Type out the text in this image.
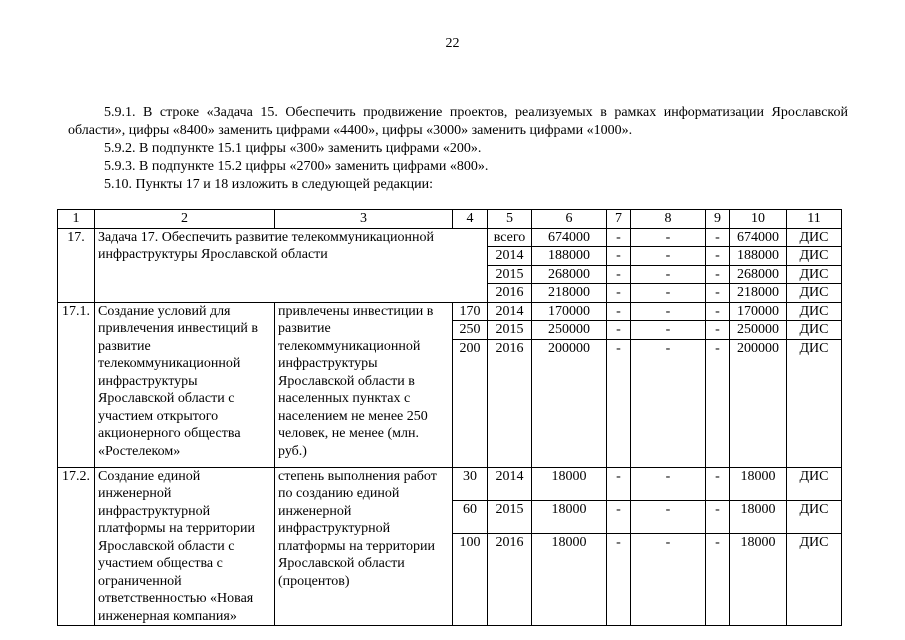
22
5.9.1. В строке «Задача 15. Обеспечить продвижение проектов, реализуемых в рамках информатизации Ярославской области», цифры «8400» заменить цифрами «4400», цифры «3000» заменить цифрами «1000».
5.9.2. В подпункте 15.1 цифры «300» заменить цифрами «200».
5.9.3. В подпункте 15.2 цифры «2700» заменить цифрами «800».
5.10. Пункты 17 и 18 изложить в следующей редакции:
1	2	3	4	5	6	7	8	9	10	11
17.	Задача 17. Обеспечить развитие телекоммуникационной инфраструктуры Ярославской области			всего	674000	-	-	-	674000	ДИС
				2014	188000	-	-	-	188000	ДИС
				2015	268000	-	-	-	268000	ДИС
				2016	218000	-	-	-	218000	ДИС
17.1.	Создание условий для привлечения инвестиций в развитие телекоммуникационной инфраструктуры Ярославской области с участием открытого акционерного общества «Ростелеком»	привлечены инвестиции в развитие телекоммуникационной инфраструктуры Ярославской области в населенных пунктах с населением не менее 250 человек, не менее (млн. руб.)	170	2014	170000	-	-	-	170000	ДИС
			250	2015	250000	-	-	-	250000	ДИС
			200	2016	200000	-	-	-	200000	ДИС
17.2.	Создание единой инженерной инфраструктурной платформы на территории Ярославской области с участием общества с ограниченной ответственностью «Новая инженерная компания»	степень выполнения работ по созданию единой инженерной инфраструктурной платформы на территории Ярославской области (процентов)	30	2014	18000	-	-	-	18000	ДИС
			60	2015	18000	-	-	-	18000	ДИС
			100	2016	18000	-	-	-	18000	ДИС
